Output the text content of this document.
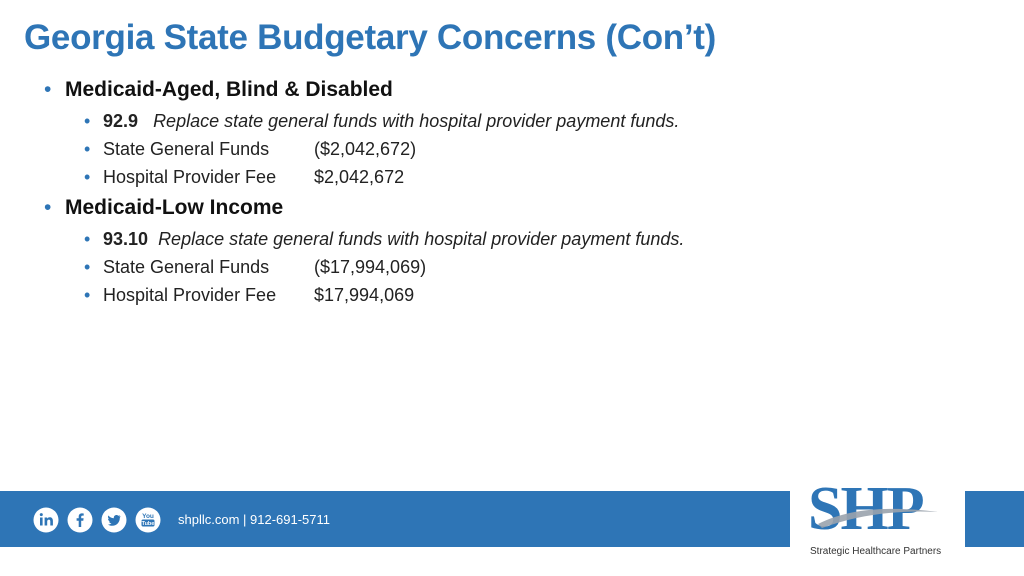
Georgia State Budgetary Concerns (Con’t)
• Medicaid-Aged, Blind & Disabled
• 92.9 Replace state general funds with hospital provider payment funds.
• State General Funds ($2,042,672)
• Hospital Provider Fee $2,042,672
• Medicaid-Low Income
• 93.10 Replace state general funds with hospital provider payment funds.
• State General Funds ($17,994,069)
• Hospital Provider Fee $17,994,069
You
Tube shpllc.com | 912-691-5711	SHP
Strategic Healthcare Partners
